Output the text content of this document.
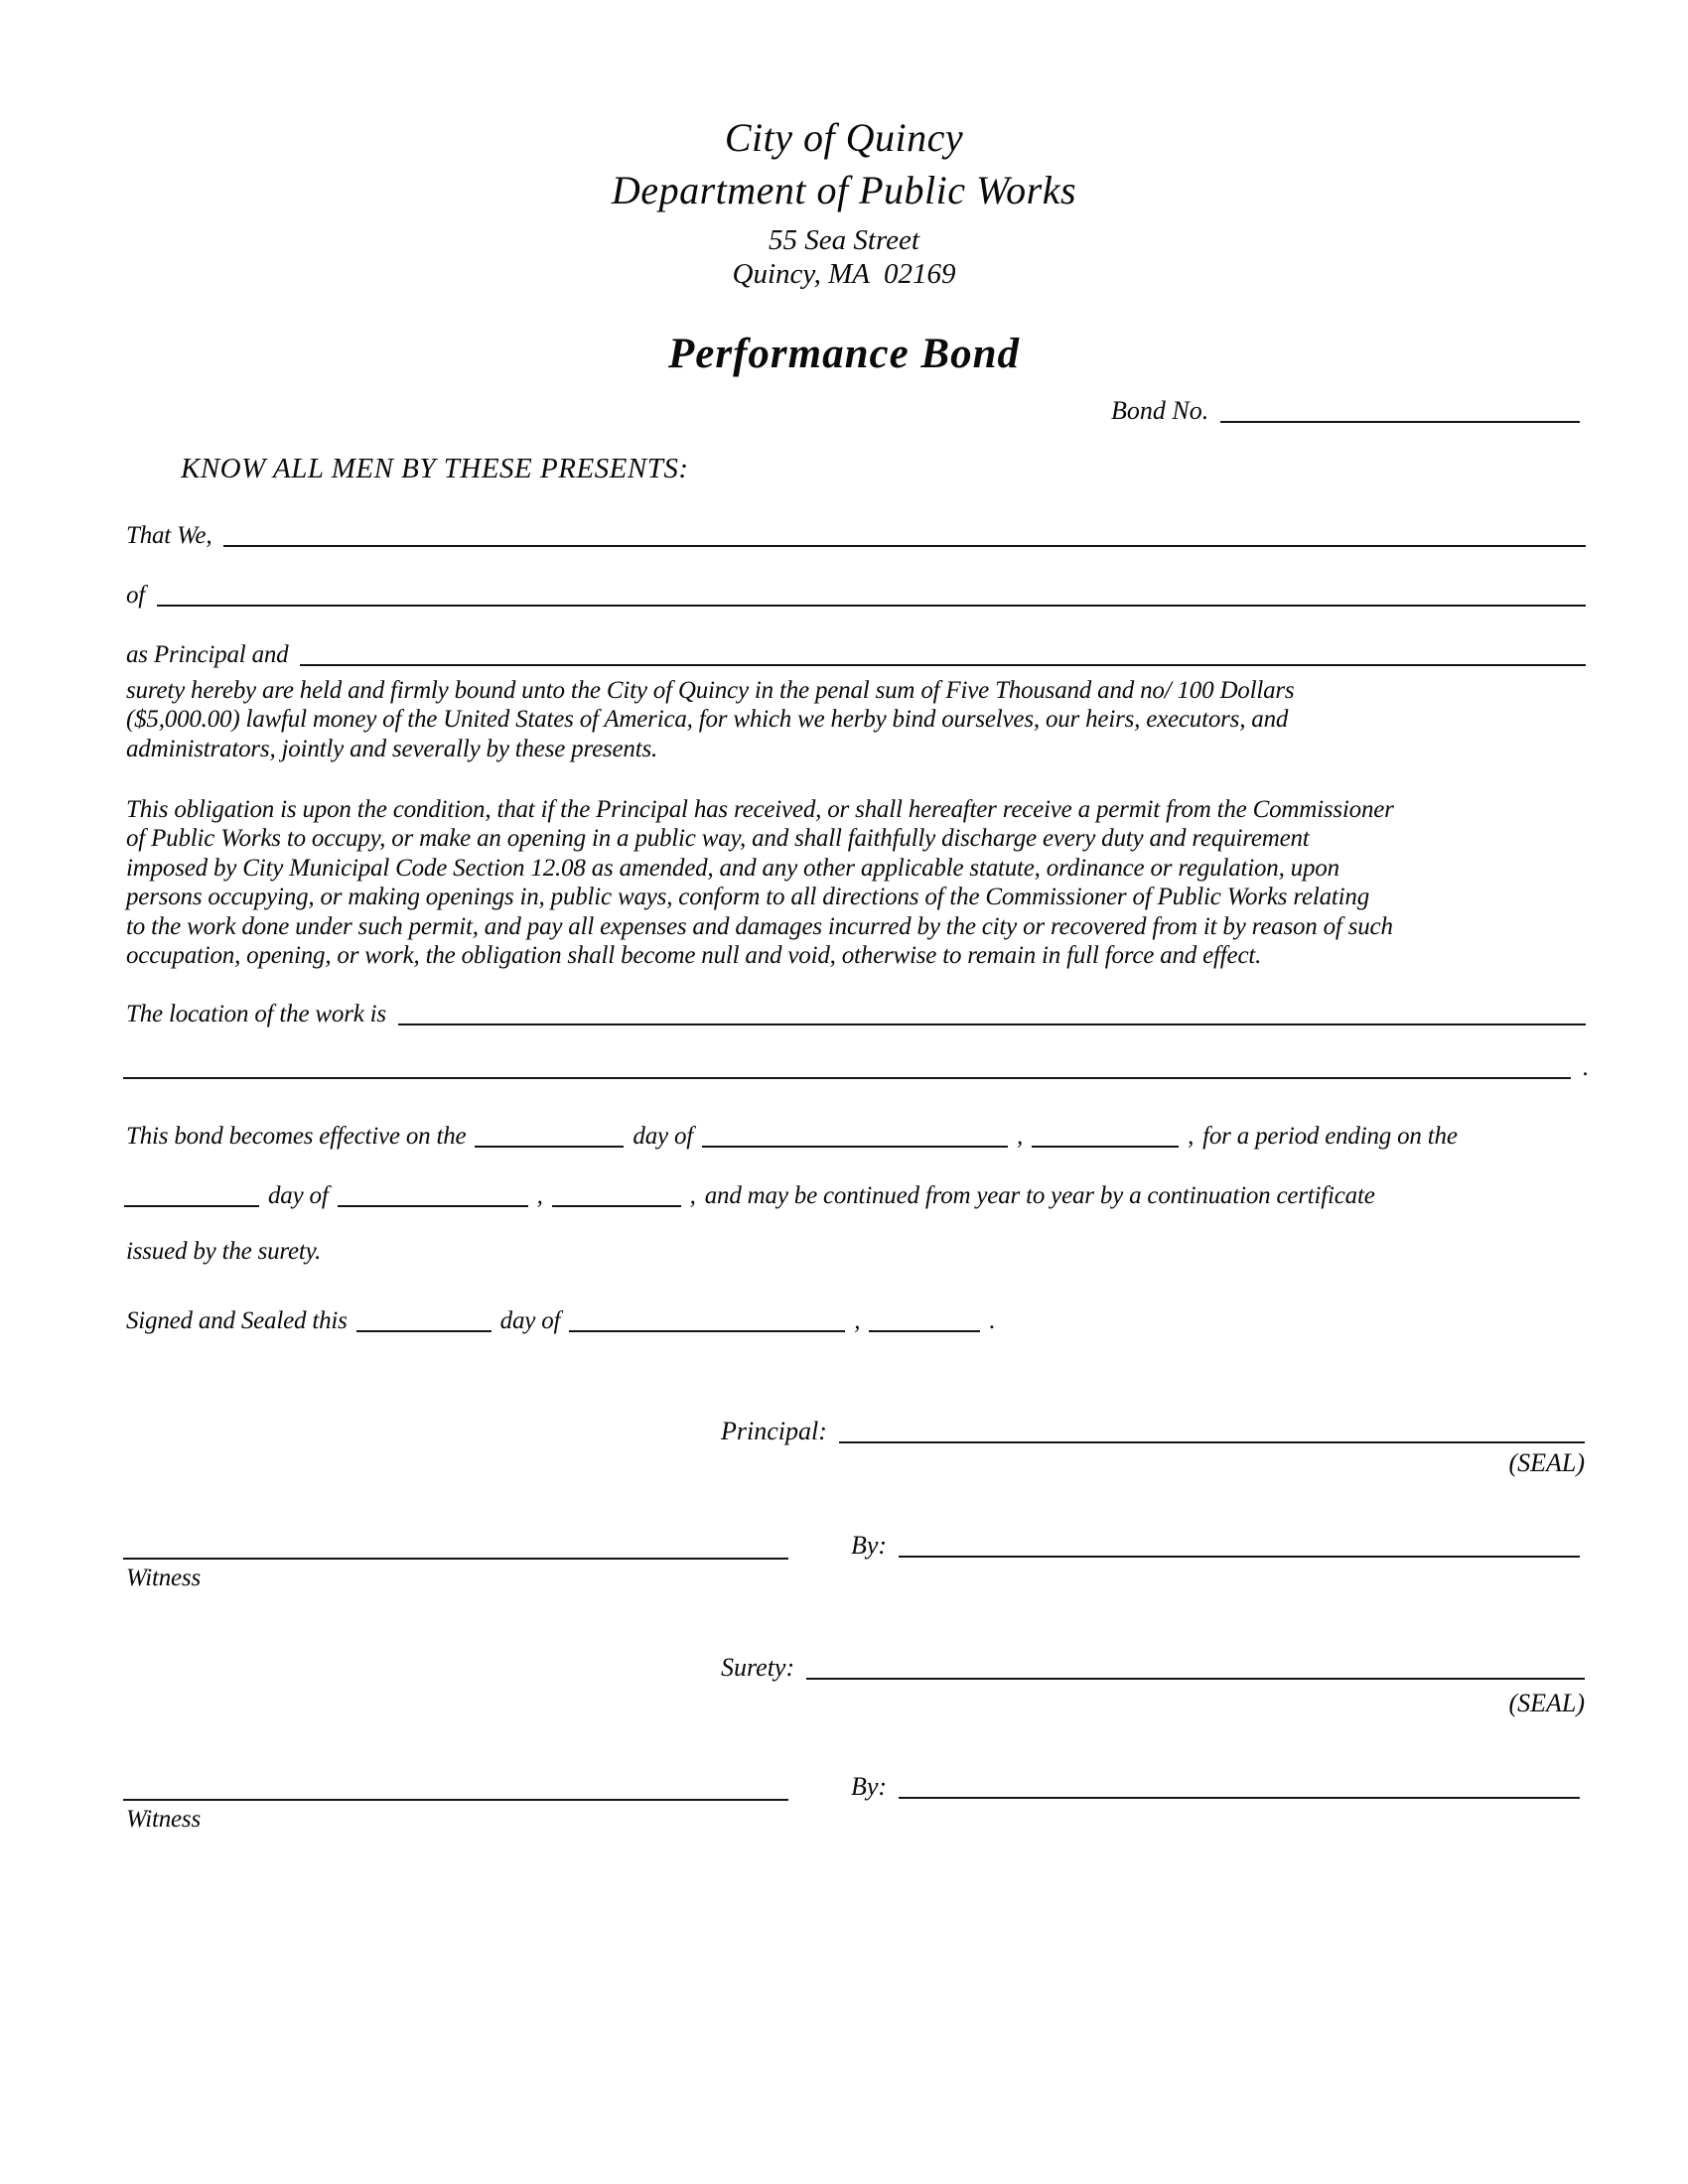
City of Quincy
Department of Public Works
55 Sea Street
Quincy, MA  02169
Performance Bond
Bond No.
KNOW ALL MEN BY THESE PRESENTS:
That We,
of
as Principal and
surety hereby are held and firmly bound unto the City of Quincy in the penal sum of Five Thousand and no/ 100 Dollars
($5,000.00) lawful money of the United States of America, for which we herby bind ourselves, our heirs, executors, and
administrators, jointly and severally by these presents.
This obligation is upon the condition, that if the Principal has received, or shall hereafter receive a permit from the Commissioner
of Public Works to occupy, or make an opening in a public way, and shall faithfully discharge every duty and requirement
imposed by City Municipal Code Section 12.08 as amended, and any other applicable statute, ordinance or regulation, upon
persons occupying, or making openings in, public ways, conform to all directions of the Commissioner of Public Works relating
to the work done under such permit, and pay all expenses and damages incurred by the city or recovered from it by reason of such
occupation, opening, or work, the obligation shall become null and void, otherwise to remain in full force and effect.
The location of the work is
.
This bond becomes effective on the	day of	,	, for a period ending on the
day of	,	, and may be continued from year to year by a continuation certificate
issued by the surety.
Signed and Sealed this	day of	,	.
Principal:
(SEAL)
By:
Witness
Surety:
(SEAL)
By:
Witness
